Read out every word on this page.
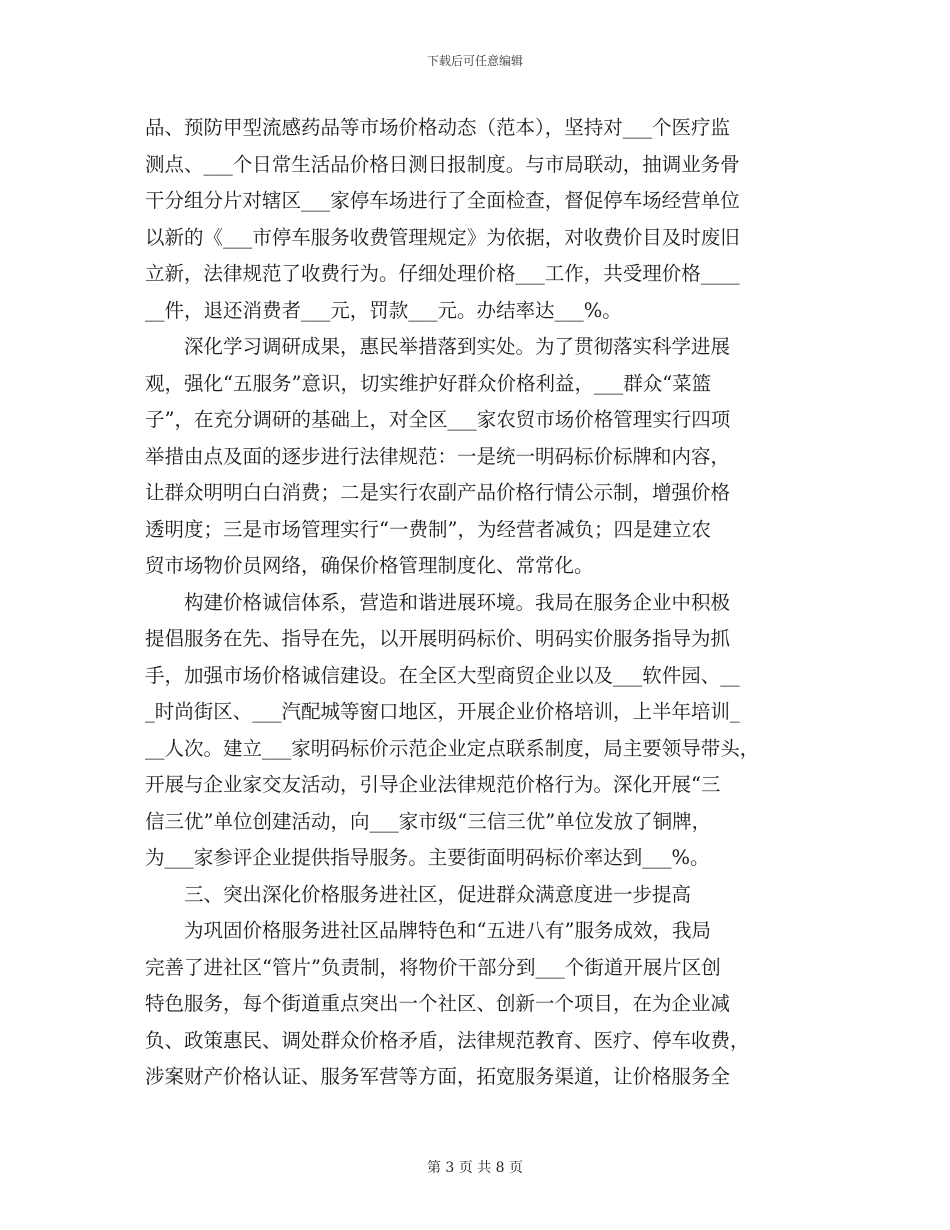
下载后可任意编辑
品、预防甲型流感药品等市场价格动态（范本），坚持对___个医疗监
测点、___个日常生活品价格日测日报制度。与市局联动，抽调业务骨
干分组分片对辖区___家停车场进行了全面检查，督促停车场经营单位
以新的《___市停车服务收费管理规定》为依据，对收费价目及时废旧
立新，法律规范了收费行为。仔细处理价格___工作，共受理价格____
__件，退还消费者___元，罚款___元。办结率达___%。
　　深化学习调研成果，惠民举措落到实处。为了贯彻落实科学进展
观，强化“五服务”意识，切实维护好群众价格利益，___群众“菜篮
子”，在充分调研的基础上，对全区___家农贸市场价格管理实行四项
举措由点及面的逐步进行法律规范：一是统一明码标价标牌和内容，
让群众明明白白消费；二是实行农副产品价格行情公示制，增强价格
透明度；三是市场管理实行“一费制”，为经营者减负；四是建立农
贸市场物价员网络，确保价格管理制度化、常常化。
　　构建价格诚信体系，营造和谐进展环境。我局在服务企业中积极
提倡服务在先、指导在先，以开展明码标价、明码实价服务指导为抓
手，加强市场价格诚信建设。在全区大型商贸企业以及___软件园、__
_时尚街区、___汽配城等窗口地区，开展企业价格培训，上半年培训_
__人次。建立___家明码标价示范企业定点联系制度，局主要领导带头，
开展与企业家交友活动，引导企业法律规范价格行为。深化开展“三
信三优”单位创建活动，向___家市级“三信三优”单位发放了铜牌，
为___家参评企业提供指导服务。主要街面明码标价率达到___%。
　　三、突出深化价格服务进社区，促进群众满意度进一步提高
　　为巩固价格服务进社区品牌特色和“五进八有”服务成效，我局
完善了进社区“管片”负责制，将物价干部分到___个街道开展片区创
特色服务，每个街道重点突出一个社区、创新一个项目，在为企业减
负、政策惠民、调处群众价格矛盾，法律规范教育、医疗、停车收费，
涉案财产价格认证、服务军营等方面，拓宽服务渠道，让价格服务全
第 3 页 共 8 页
